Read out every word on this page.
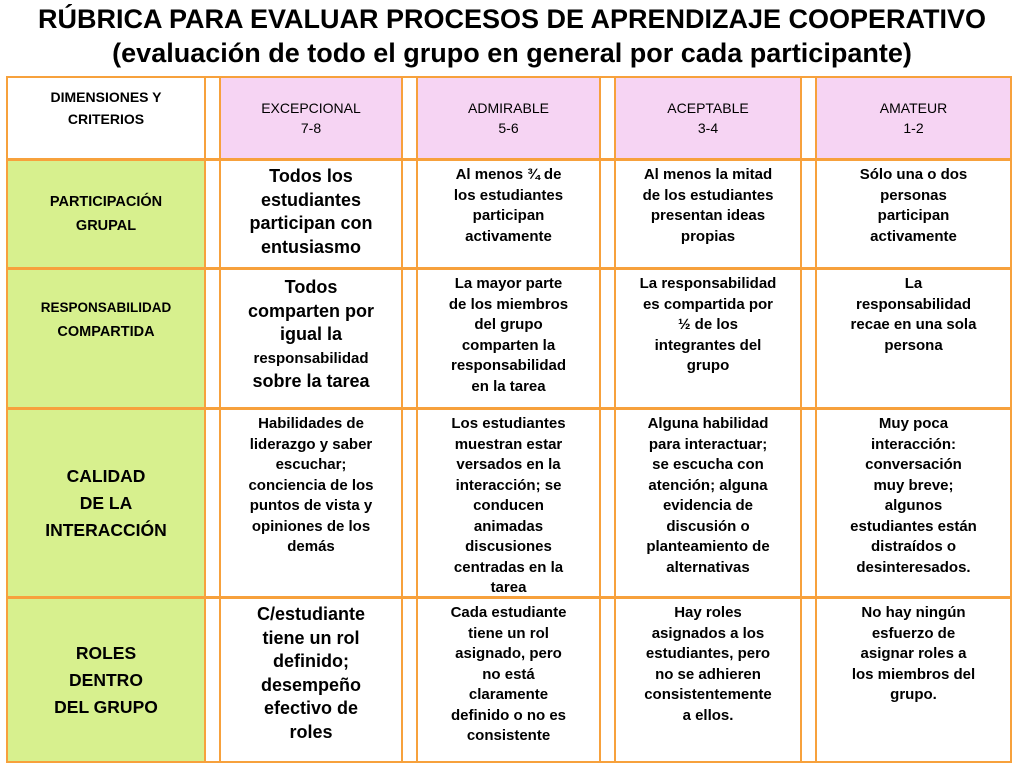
RÚBRICA PARA EVALUAR PROCESOS DE APRENDIZAJE COOPERATIVO
(evaluación de todo el grupo en general por cada participante)
DIMENSIONES Y
CRITERIOS
EXCEPCIONAL
7-8
ADMIRABLE
5-6
ACEPTABLE
3-4
AMATEUR
1-2
PARTICIPACIÓN
GRUPAL
Todos los
estudiantes
participan con
entusiasmo
Al menos ¾ de
los estudiantes
participan
activamente
Al menos la mitad
de los estudiantes
presentan ideas
propias
Sólo una o dos
personas
participan
activamente
RESPONSABILIDAD
COMPARTIDA
Todos
comparten por
igual la
responsabilidad
sobre la tarea
La mayor parte
de los miembros
del grupo
comparten la
responsabilidad
en la tarea
La responsabilidad
es compartida por
½ de los
integrantes del
grupo
La
responsabilidad
recae en una sola
persona
CALIDAD
DE LA
INTERACCIÓN
Habilidades de
liderazgo y saber
escuchar;
conciencia de los
puntos de vista y
opiniones de los
demás
Los estudiantes
muestran estar
versados en la
interacción; se
conducen
animadas
discusiones
centradas en la
tarea
Alguna habilidad
para interactuar;
se escucha con
atención; alguna
evidencia de
discusión o
planteamiento de
alternativas
Muy poca
interacción:
conversación
muy breve;
algunos
estudiantes están
distraídos o
desinteresados.
ROLES
DENTRO
DEL GRUPO
C/estudiante
tiene un rol
definido;
desempeño
efectivo de
roles
Cada estudiante
tiene un rol
asignado, pero
no está
claramente
definido o no es
consistente
Hay roles
asignados a los
estudiantes, pero
no se adhieren
consistentemente
a ellos.
No hay ningún
esfuerzo de
asignar roles a
los miembros del
grupo.
